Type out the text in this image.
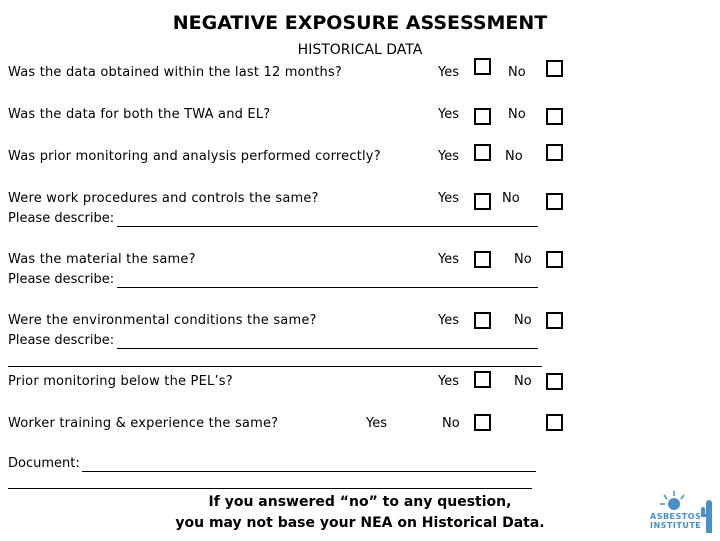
NEGATIVE EXPOSURE ASSESSMENT
HISTORICAL DATA
Was the data obtained within the last 12 months?	Yes	No
Was the data for both the TWA and EL?	Yes	No
Was prior monitoring and analysis performed correctly?	Yes	No
Were work procedures and controls the same?	Yes	No
Please describe:
Was the material the same?	Yes	No
Please describe:
Were the environmental conditions the same?	Yes	No
Please describe:
Prior monitoring below the PEL’s?	Yes	No
Worker training & experience the same?	Yes	No
Document:
If you answered “no” to any question,
you may not base your NEA on Historical Data.	ASBESTOS
INSTITUTE
